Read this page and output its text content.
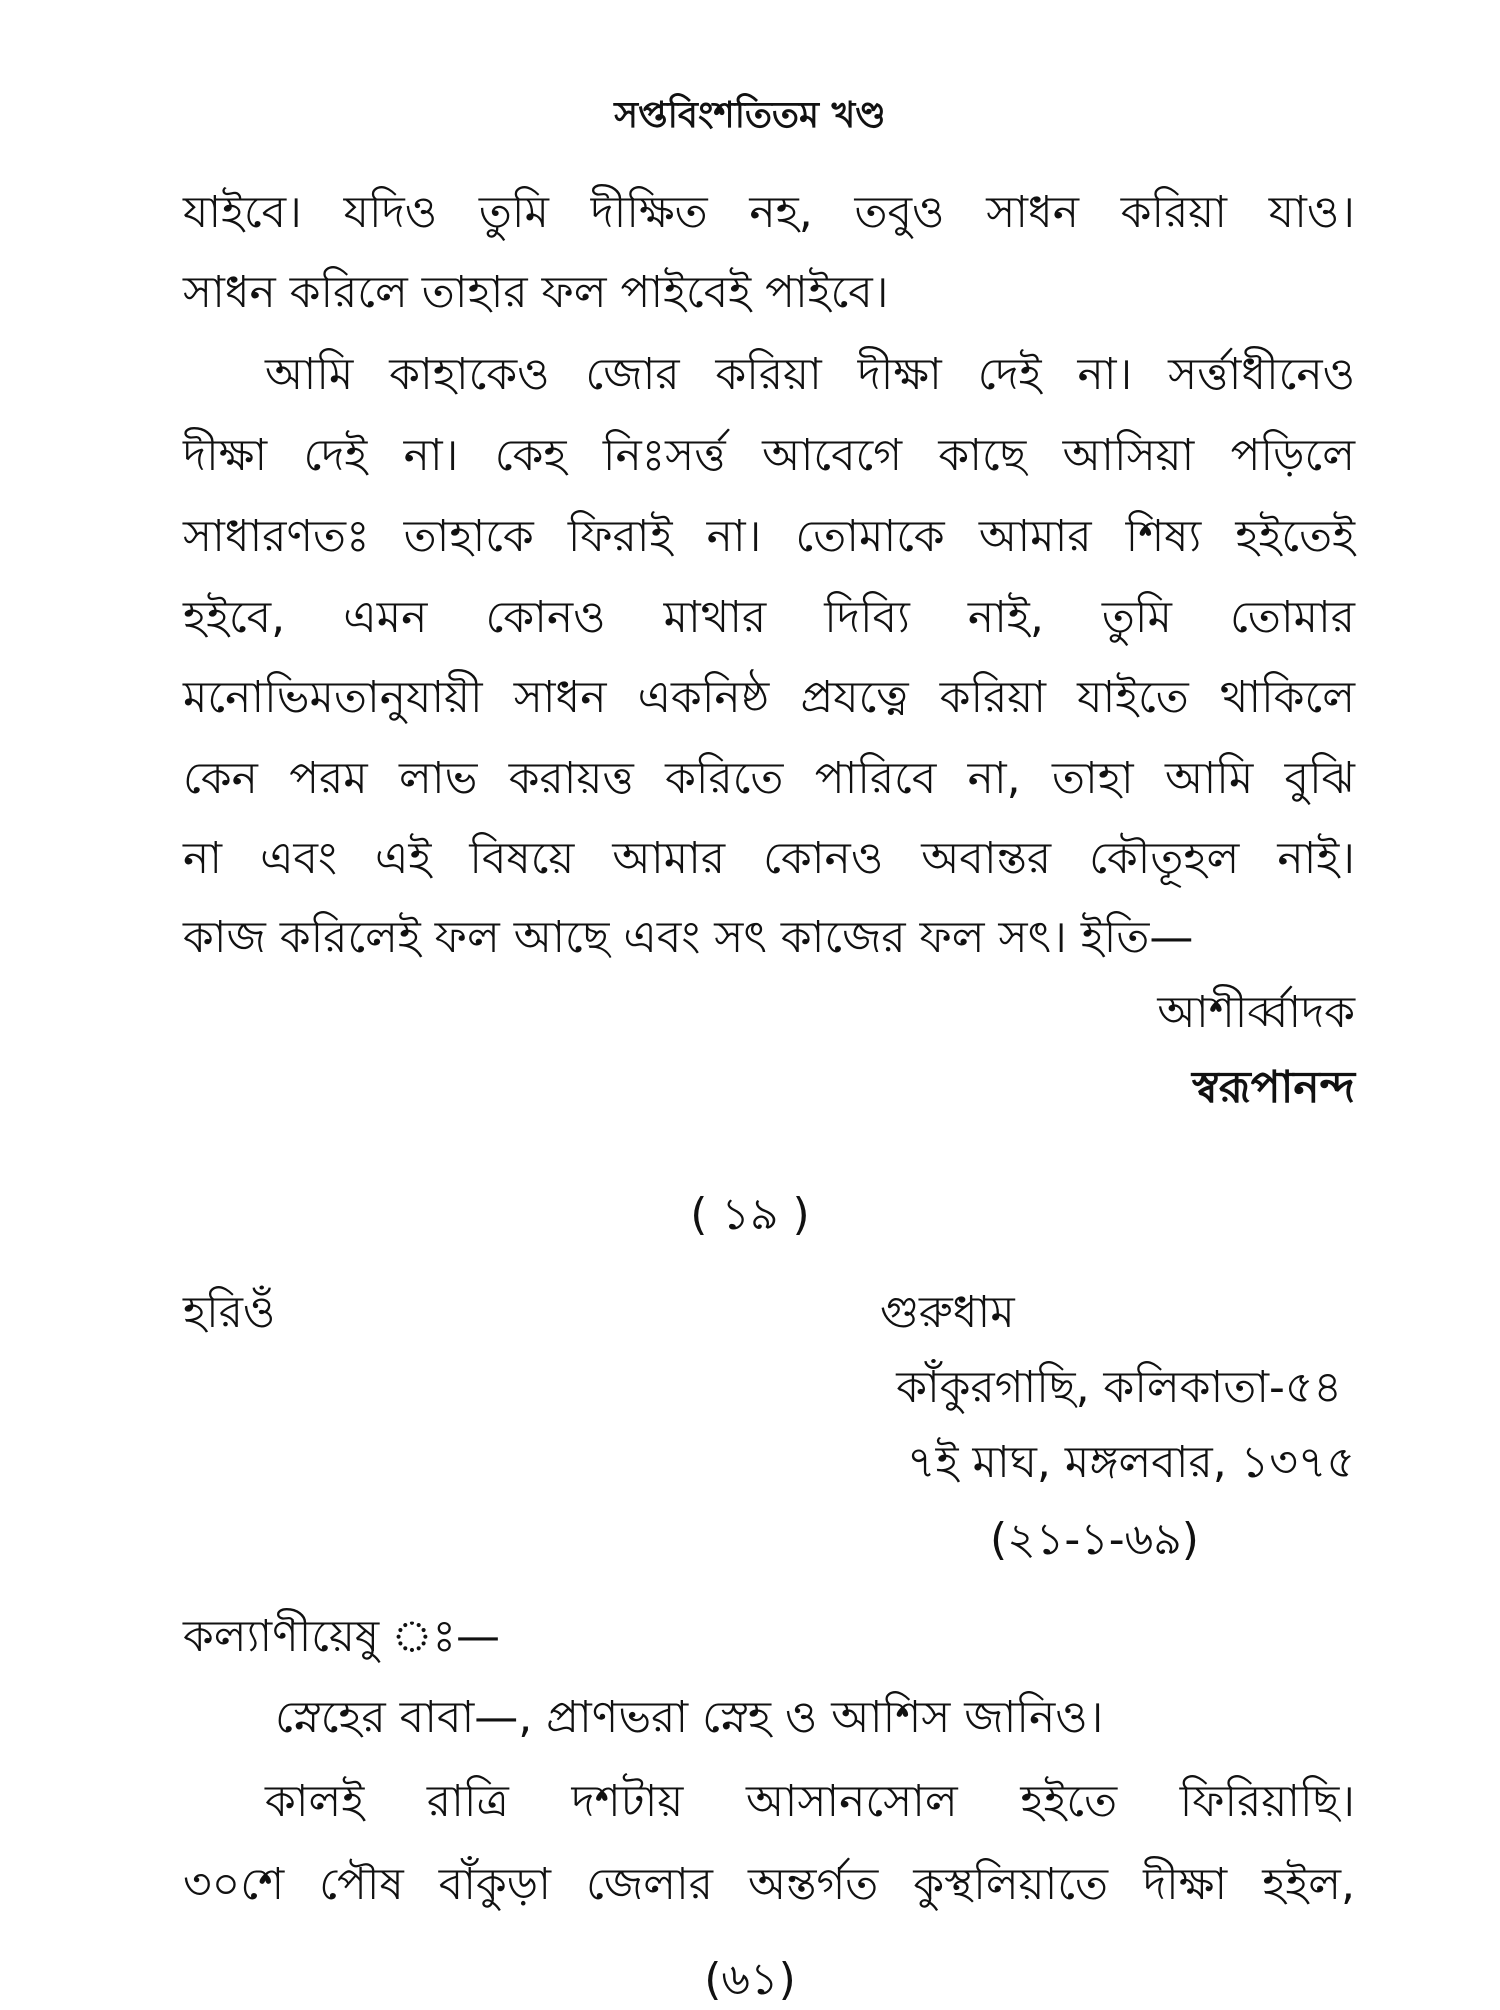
সপ্তবিংশতিতম খণ্ড
যাইবে। যদিও তুমি দীক্ষিত নহ, তবুও সাধন করিয়া যাও।
সাধন করিলে তাহার ফল পাইবেই পাইবে।
আমি কাহাকেও জোর করিয়া দীক্ষা দেই না। সর্ত্তাধীনেও
দীক্ষা দেই না। কেহ নিঃসর্ত্ত আবেগে কাছে আসিয়া পড়িলে
সাধারণতঃ তাহাকে ফিরাই না। তোমাকে আমার শিষ্য হইতেই
হইবে, এমন কোনও মাথার দিব্যি নাই, তুমি তোমার
মনোভিমতানুযায়ী সাধন একনিষ্ঠ প্রযত্নে করিয়া যাইতে থাকিলে
কেন পরম লাভ করায়ত্ত করিতে পারিবে না, তাহা আমি বুঝি
না এবং এই বিষয়ে আমার কোনও অবান্তর কৌতূহল নাই।
কাজ করিলেই ফল আছে এবং সৎ কাজের ফল সৎ। ইতি—
আশীর্ব্বাদক
স্বরূপানন্দ
( ১৯ )
হরিওঁ	গুরুধাম
কাঁকুরগাছি, কলিকাতা-৫৪
৭ই মাঘ, মঙ্গলবার, ১৩৭৫
(২১-১-৬৯)
কল্যাণীয়েষু ঃ—
স্নেহের বাবা—, প্রাণভরা স্নেহ ও আশিস জানিও।
কালই রাত্রি দশটায় আসানসোল হইতে ফিরিয়াছি।
৩০শে পৌষ বাঁকুড়া জেলার অন্তর্গত কুস্থলিয়াতে দীক্ষা হইল,
(৬১)
